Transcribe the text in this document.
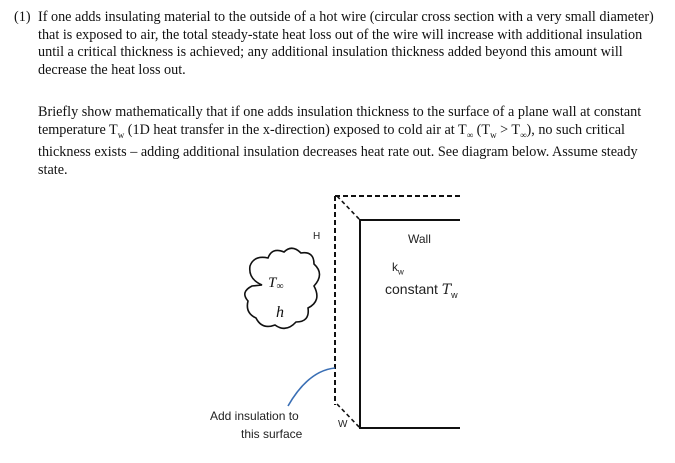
(1) If one adds insulating material to the outside of a hot wire (circular cross section with a very small diameter) that is exposed to air, the total steady-state heat loss out of the wire will increase with additional insulation until a critical thickness is achieved; any additional insulation thickness added beyond this amount will decrease the heat loss out.
Briefly show mathematically that if one adds insulation thickness to the surface of a plane wall at constant temperature $T_w$ (1D heat transfer in the x-direction) exposed to cold air at $T_\infty$ $(T_w > T_\infty)$, no such critical thickness exists – adding additional insulation decreases heat rate out. See diagram below. Assume steady state.
H
W
Wall
$k_w$
constant $T_w$
T∞
h
Add insulation to
this surface
